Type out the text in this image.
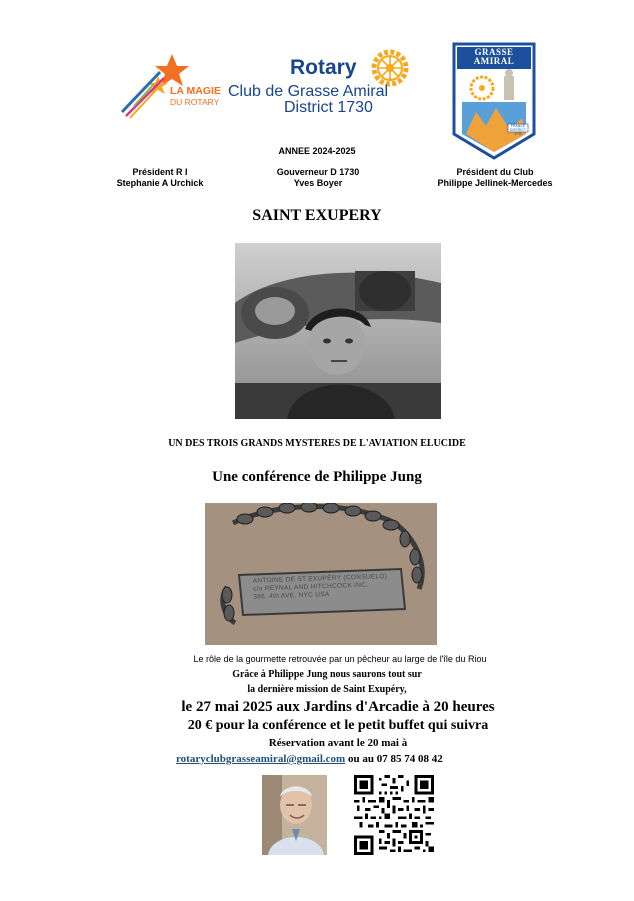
LA MAGIE
DU ROTARY
Rotary
Club de Grasse Amiral
District 1730
GRASSE
AMIRAL
FRANCE
DISTRICT 1730
ANNEE 2024-2025
Président R I
Stephanie A Urchick
Gouverneur D 1730
Yves Boyer
Président du Club
Philippe Jellinek-Mercedes
SAINT EXUPERY
UN DES TROIS GRANDS MYSTERES DE L'AVIATION ELUCIDE
Une conférence de Philippe Jung
ANTOINE DE ST EXUPÉRY (CONSUELO)
c/o REYNAL AND HITCHCOCK INC.
386. 4th AVE. NYC USA
Le rôle de la gourmette retrouvée par un pêcheur au large de l'île du Riou
Grâce à Philippe Jung nous saurons tout sur
la dernière mission de Saint Exupéry,
le 27 mai 2025 aux Jardins d'Arcadie à 20 heures
20 € pour la conférence et le petit buffet qui suivra
Réservation avant le 20 mai à
rotaryclubgrasseamiral@gmail.com ou au 07 85 74 08 42
